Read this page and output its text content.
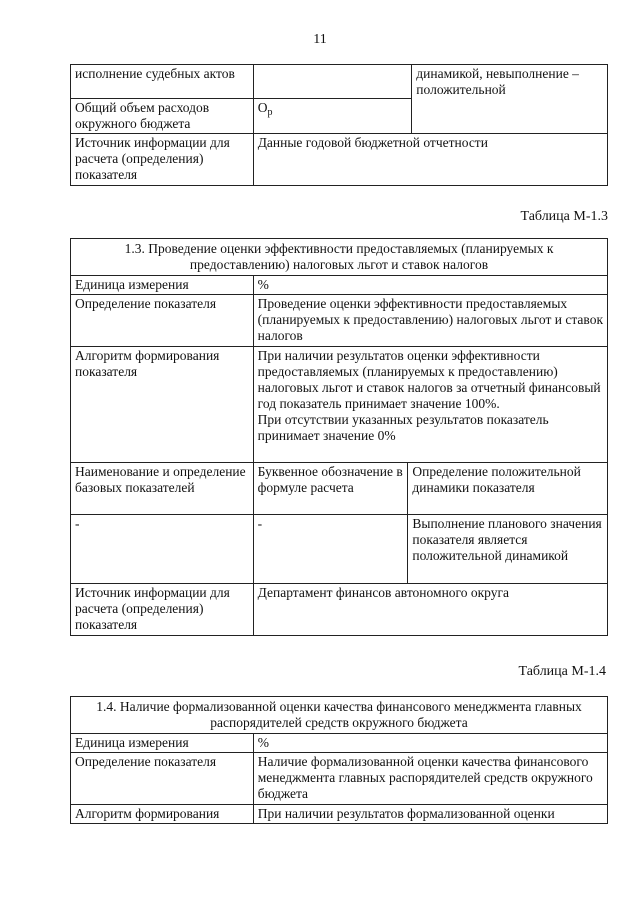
11
исполнение судебных актов		динамикой, невыполнение – положительной
Общий объем расходов окружного бюджета	$О_р$
Источник информации для расчета (определения) показателя	Данные годовой бюджетной отчетности	
Таблица М-1.3
1.3. Проведение оценки эффективности предоставляемых (планируемых к предоставлению) налоговых льгот и ставок налогов		
Единица измерения	%	
Определение показателя	Проведение оценки эффективности предоставляемых (планируемых к предоставлению) налоговых льгот и ставок налогов	
Алгоритм формирования показателя	При наличии результатов оценки эффективности предоставляемых (планируемых к предоставлению) налоговых льгот и ставок налогов за отчетный финансовый год показатель принимает значение 100%.
При отсутствии указанных результатов показатель принимает значение 0%	

Наименование и определение базовых показателей	Буквенное обозначение в формуле расчета	Определение положительной динамики показателя
-	-	Выполнение планового значения показателя является положительной динамикой
Источник информации для расчета (определения) показателя	Департамент финансов автономного округа	
Таблица М-1.4
1.4. Наличие формализованной оценки качества финансового менеджмента главных распорядителей средств окружного бюджета	
Единица измерения	%
Определение показателя	Наличие формализованной оценки качества финансового менеджмента главных распорядителей средств окружного бюджета
Алгоритм формирования	При наличии результатов формализованной оценки
